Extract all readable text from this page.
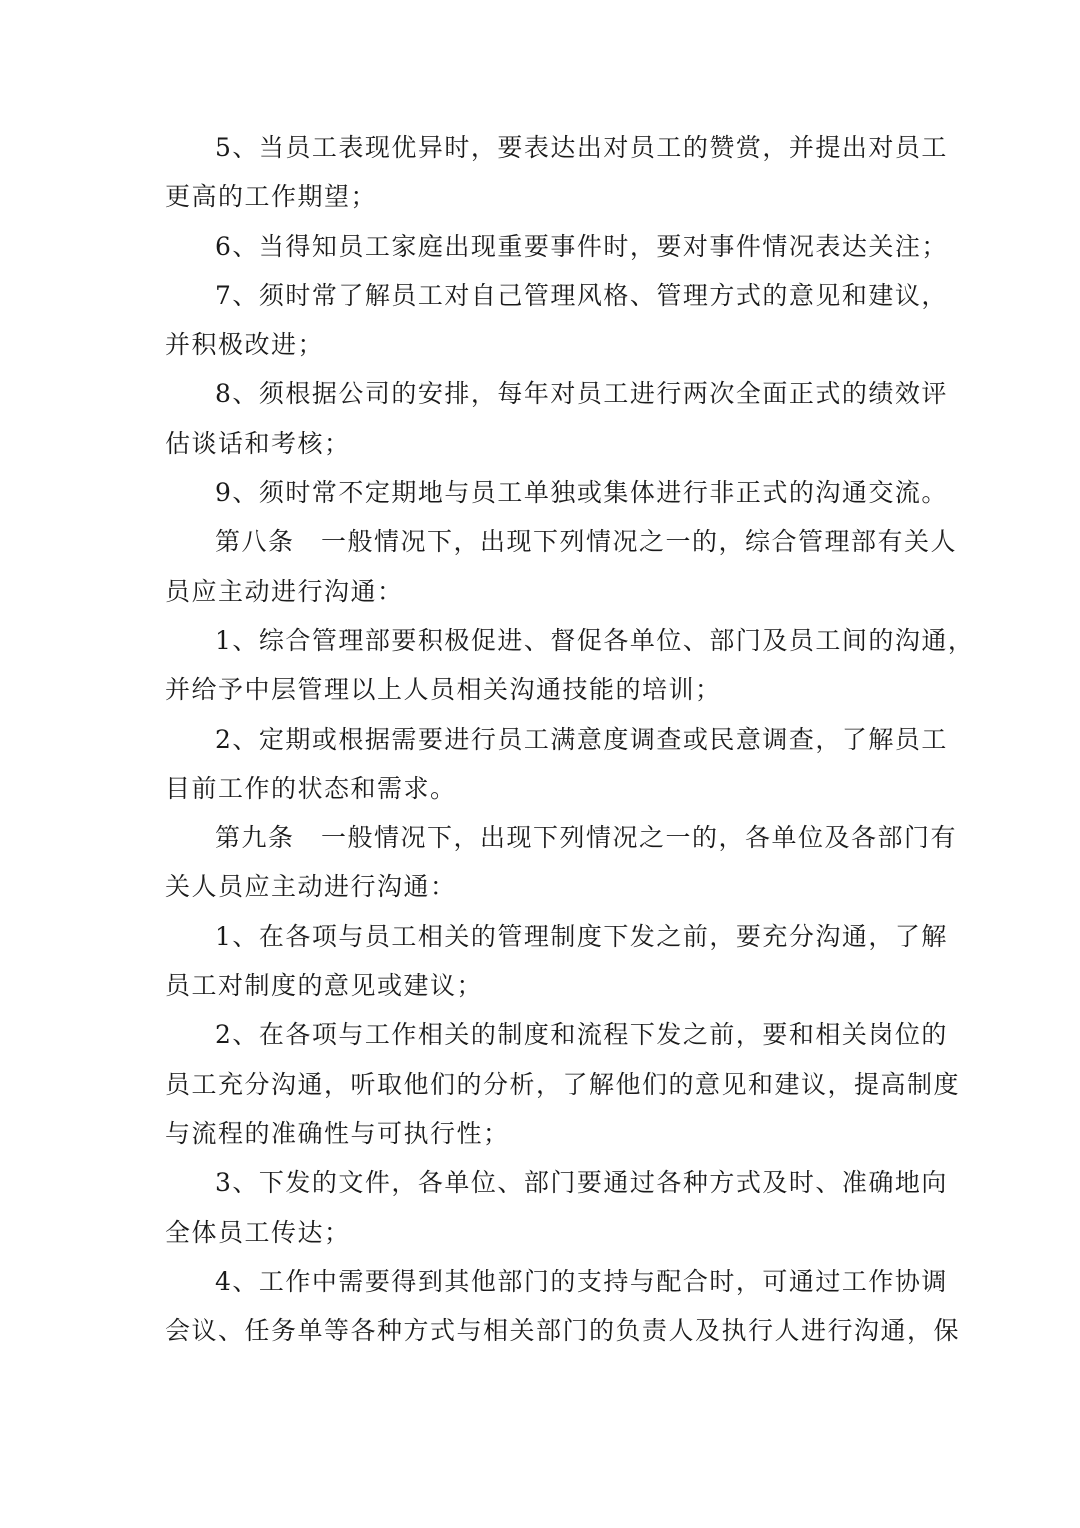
5、当员工表现优异时，要表达出对员工的赞赏，并提出对员工
更高的工作期望；
6、当得知员工家庭出现重要事件时，要对事件情况表达关注；
7、须时常了解员工对自己管理风格、管理方式的意见和建议，
并积极改进；
8、须根据公司的安排，每年对员工进行两次全面正式的绩效评
估谈话和考核；
9、须时常不定期地与员工单独或集体进行非正式的沟通交流。
第八条　一般情况下，出现下列情况之一的，综合管理部有关人
员应主动进行沟通：
1、综合管理部要积极促进、督促各单位、部门及员工间的沟通，
并给予中层管理以上人员相关沟通技能的培训；
2、定期或根据需要进行员工满意度调查或民意调查，了解员工
目前工作的状态和需求。
第九条　一般情况下，出现下列情况之一的，各单位及各部门有
关人员应主动进行沟通：
1、在各项与员工相关的管理制度下发之前，要充分沟通，了解
员工对制度的意见或建议；
2、在各项与工作相关的制度和流程下发之前，要和相关岗位的
员工充分沟通，听取他们的分析，了解他们的意见和建议，提高制度
与流程的准确性与可执行性；
3、下发的文件，各单位、部门要通过各种方式及时、准确地向
全体员工传达；
4、工作中需要得到其他部门的支持与配合时，可通过工作协调
会议、任务单等各种方式与相关部门的负责人及执行人进行沟通，保
